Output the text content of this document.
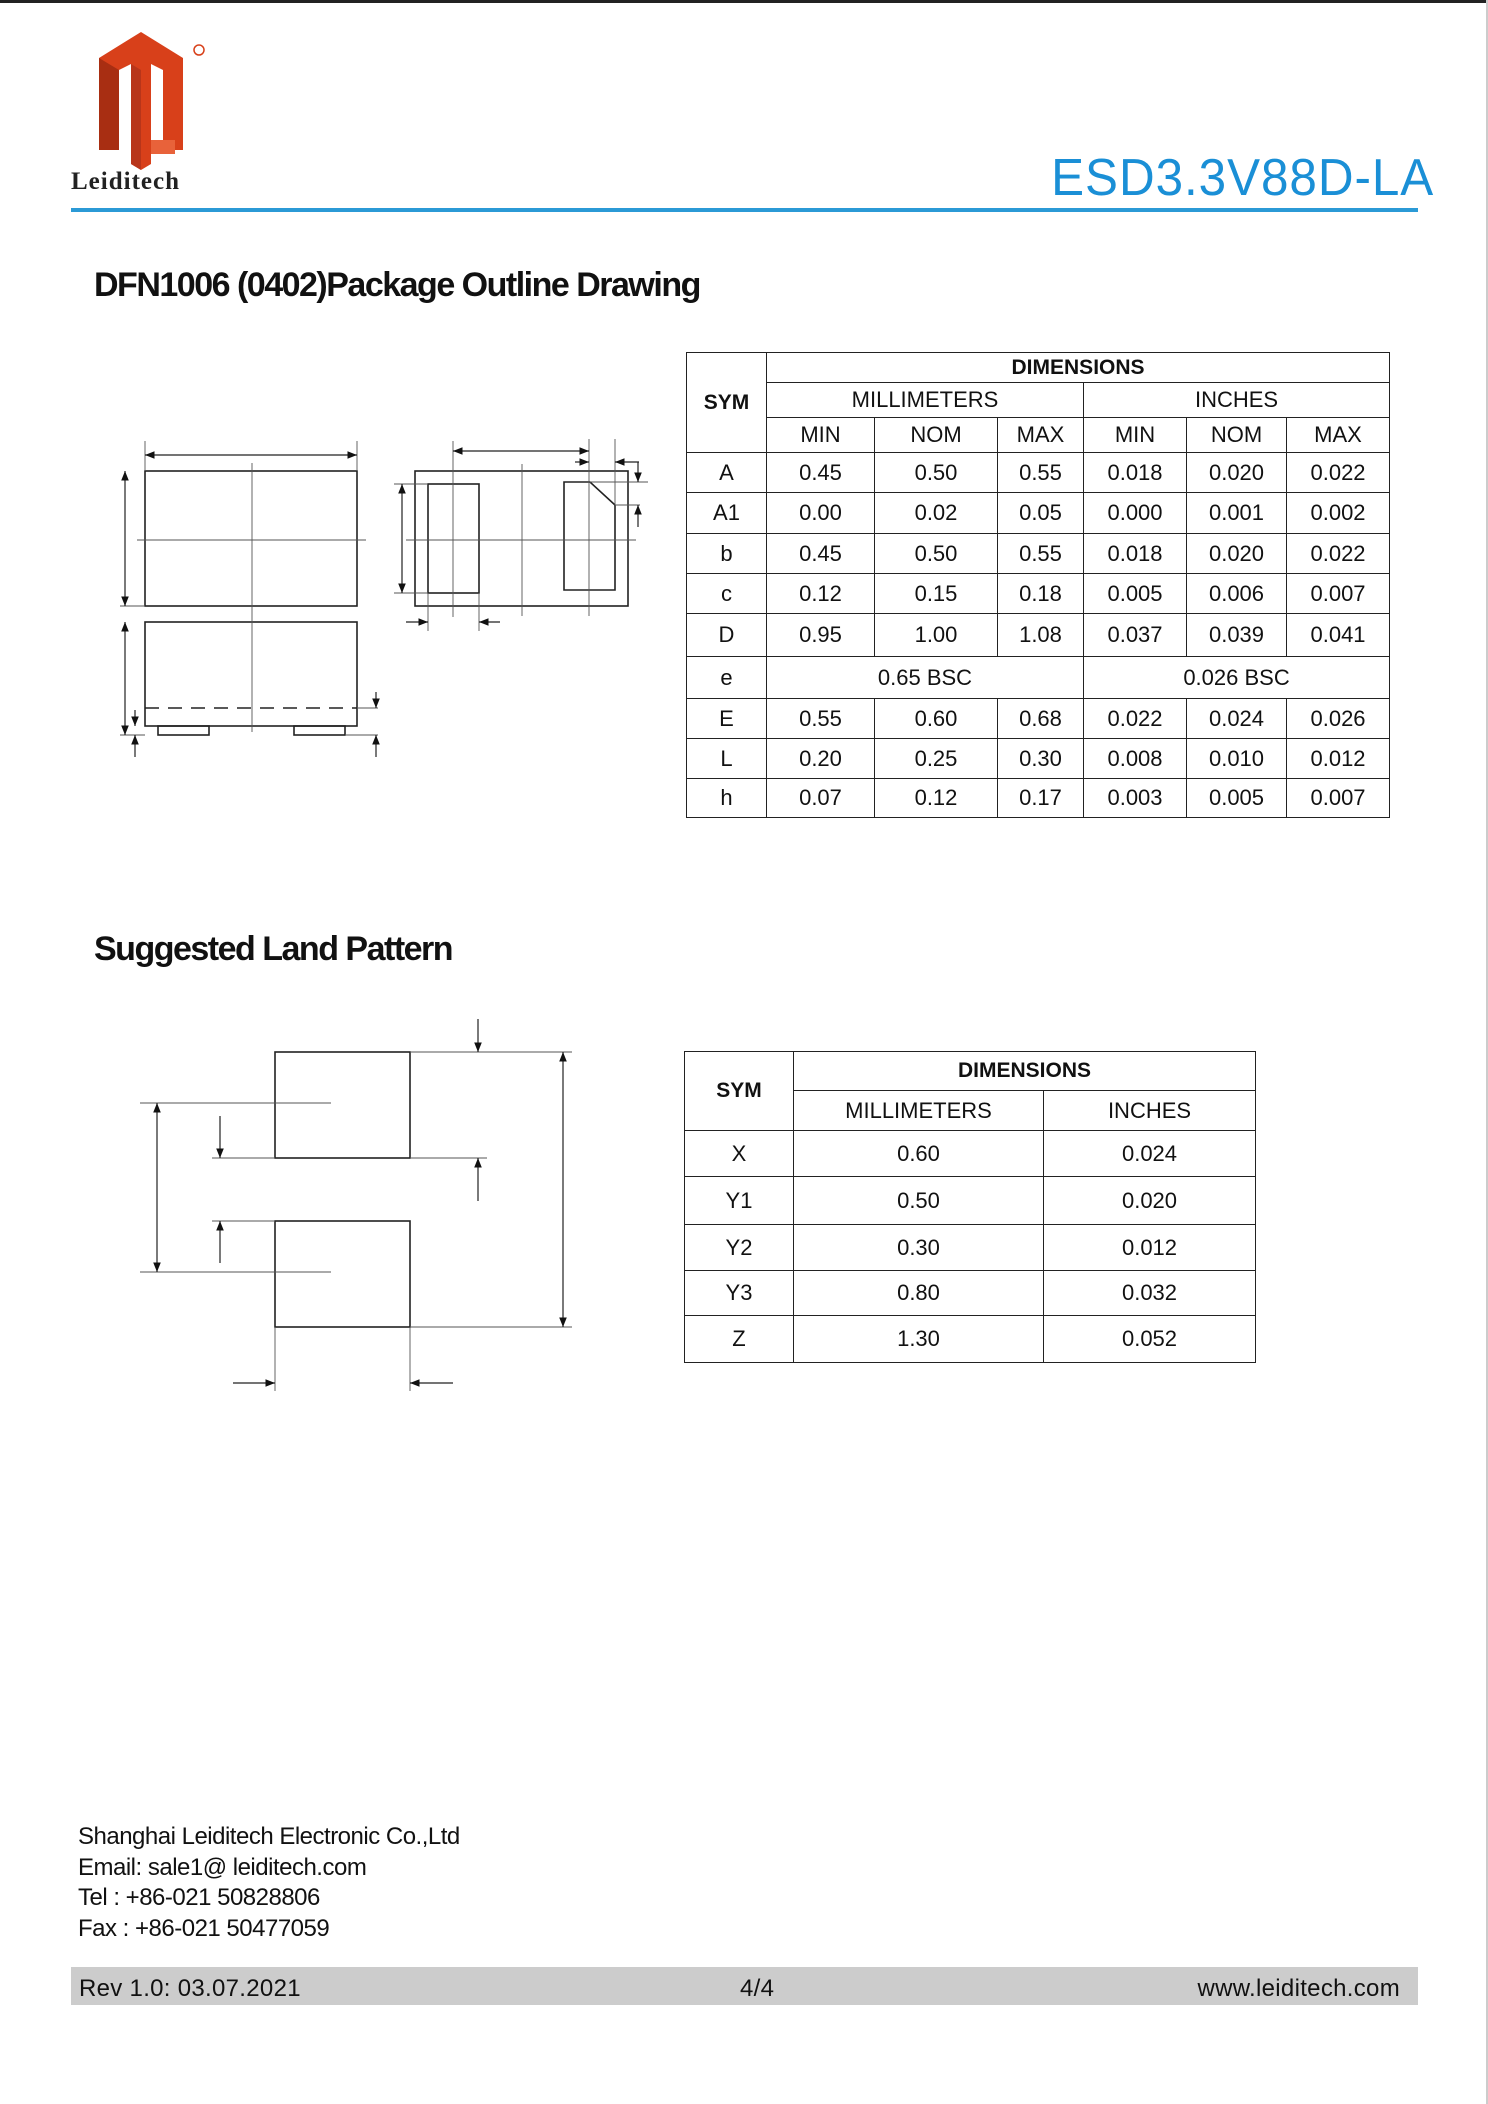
Leiditech	ESD3.3V88D-LA
DFN1006 (0402)Package Outline Drawing
Suggested Land Pattern
SYM	DIMENSIONS					
	MILLIMETERS			INCHES		
	MIN	NOM	MAX	MIN	NOM	MAX
A	0.45	0.50	0.55	0.018	0.020	0.022
A1	0.00	0.02	0.05	0.000	0.001	0.002
b	0.45	0.50	0.55	0.018	0.020	0.022
c	0.12	0.15	0.18	0.005	0.006	0.007
D	0.95	1.00	1.08	0.037	0.039	0.041
e	0.65 BSC			0.026 BSC		
E	0.55	0.60	0.68	0.022	0.024	0.026
L	0.20	0.25	0.30	0.008	0.010	0.012
h	0.07	0.12	0.17	0.003	0.005	0.007
SYM	DIMENSIONS	
	MILLIMETERS	INCHES
X	0.60	0.024
Y1	0.50	0.020
Y2	0.30	0.012
Y3	0.80	0.032
Z	1.30	0.052
Shanghai Leiditech Electronic Co.,Ltd
Email: sale1@ leiditech.com
Tel : +86-021 50828806
Fax : +86-021 50477059
Rev 1.0: 03.07.2021	4/4	www.leiditech.com
